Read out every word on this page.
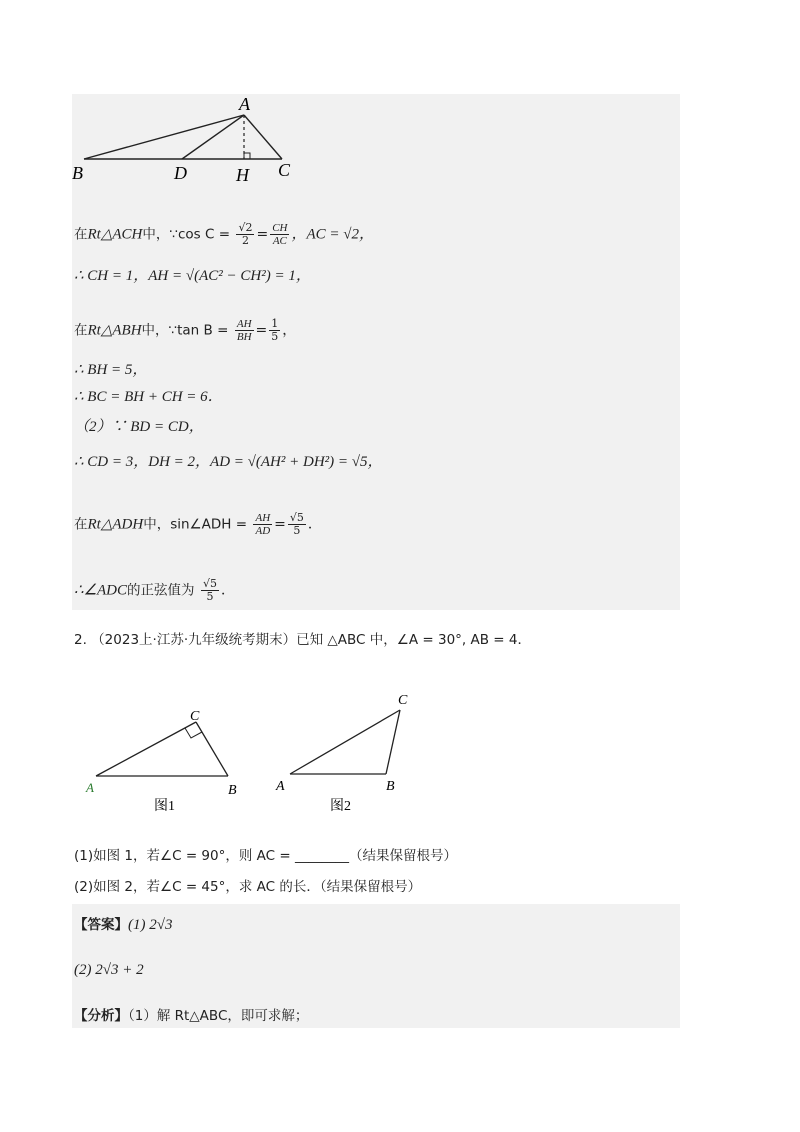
A
B	C
D	H
在Rt△ACH中，∵cos $C = \frac{√2}{2} = \frac{CH}{AC}$ ，AC = √2，
∴ CH = 1，AH = √(AC² − CH²) = 1，
在Rt△ABH中，∵tan $B = \frac{AH}{BH} = \frac{1}{5}$ ，
∴ BH = 5，
∴ BC = BH + CH = 6．
（2）∵ BD = CD，
∴ CD = 3，DH = 2，AD = √(AH² + DH²) = √5，
在Rt△ADH中，sin∠ADH = $\frac{AH}{AD} = \frac{√5}{5}$ ．
∴∠ADC的正弦值为 $\frac{√5}{5}$ ．
2. （2023上·江苏·九年级统考期末）已知 △ABC 中，∠A = 30°, AB = 4．
A	B
C
图1
A	B
C
图2
(1)如图 1，若∠C = 90°，则 AC = ________（结果保留根号）
(2)如图 2，若∠C = 45°，求 AC 的长．（结果保留根号）
【答案】(1) 2√3
(2) 2√3 + 2
【分析】（1）解 Rt△ABC，即可求解；
